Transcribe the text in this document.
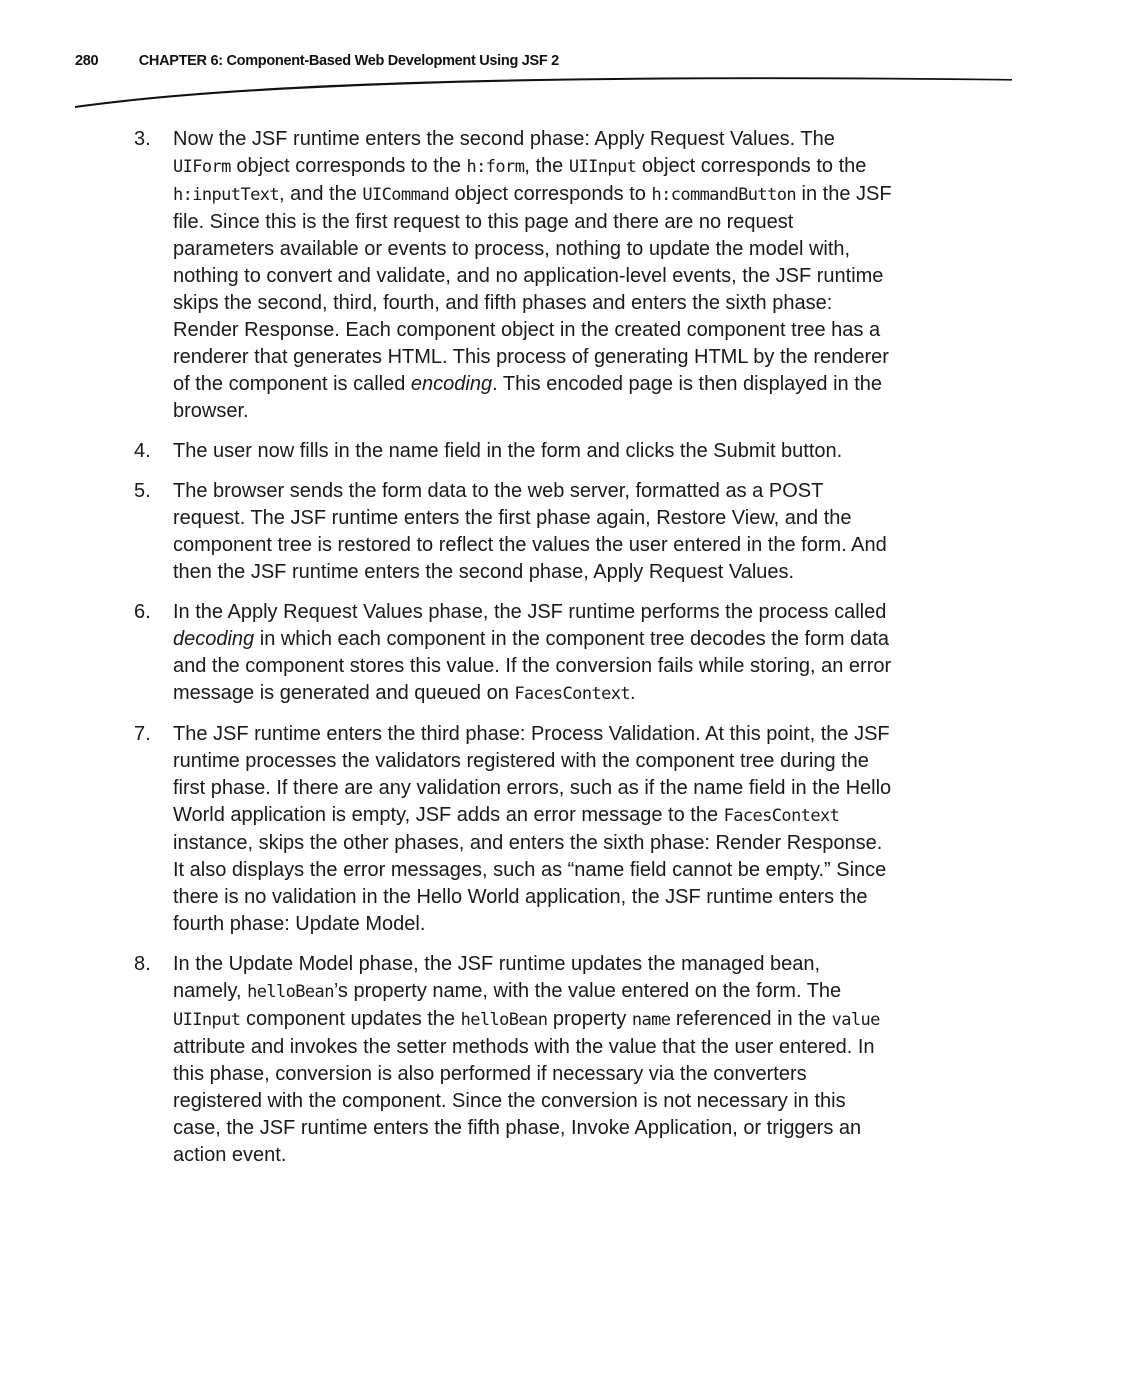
280	CHAPTER 6: Component-Based Web Development Using JSF 2
3. Now the JSF runtime enters the second phase: Apply Request Values. The UIForm object corresponds to the h:form, the UIInput object corresponds to the h:inputText, and the UICommand object corresponds to h:commandButton in the JSF file. Since this is the first request to this page and there are no request parameters available or events to process, nothing to update the model with, nothing to convert and validate, and no application-level events, the JSF runtime skips the second, third, fourth, and fifth phases and enters the sixth phase: Render Response. Each component object in the created component tree has a renderer that generates HTML. This process of generating HTML by the renderer of the component is called encoding. This encoded page is then displayed in the browser.
4. The user now fills in the name field in the form and clicks the Submit button.
5. The browser sends the form data to the web server, formatted as a POST request. The JSF runtime enters the first phase again, Restore View, and the component tree is restored to reflect the values the user entered in the form. And then the JSF runtime enters the second phase, Apply Request Values.
6. In the Apply Request Values phase, the JSF runtime performs the process called decoding in which each component in the component tree decodes the form data and the component stores this value. If the conversion fails while storing, an error message is generated and queued on FacesContext.
7. The JSF runtime enters the third phase: Process Validation. At this point, the JSF runtime processes the validators registered with the component tree during the first phase. If there are any validation errors, such as if the name field in the Hello World application is empty, JSF adds an error message to the FacesContext instance, skips the other phases, and enters the sixth phase: Render Response. It also displays the error messages, such as “name field cannot be empty.” Since there is no validation in the Hello World application, the JSF runtime enters the fourth phase: Update Model.
8. In the Update Model phase, the JSF runtime updates the managed bean, namely, helloBean’s property name, with the value entered on the form. The UIInput component updates the helloBean property name referenced in the value attribute and invokes the setter methods with the value that the user entered. In this phase, conversion is also performed if necessary via the converters registered with the component. Since the conversion is not necessary in this case, the JSF runtime enters the fifth phase, Invoke Application, or triggers an action event.
